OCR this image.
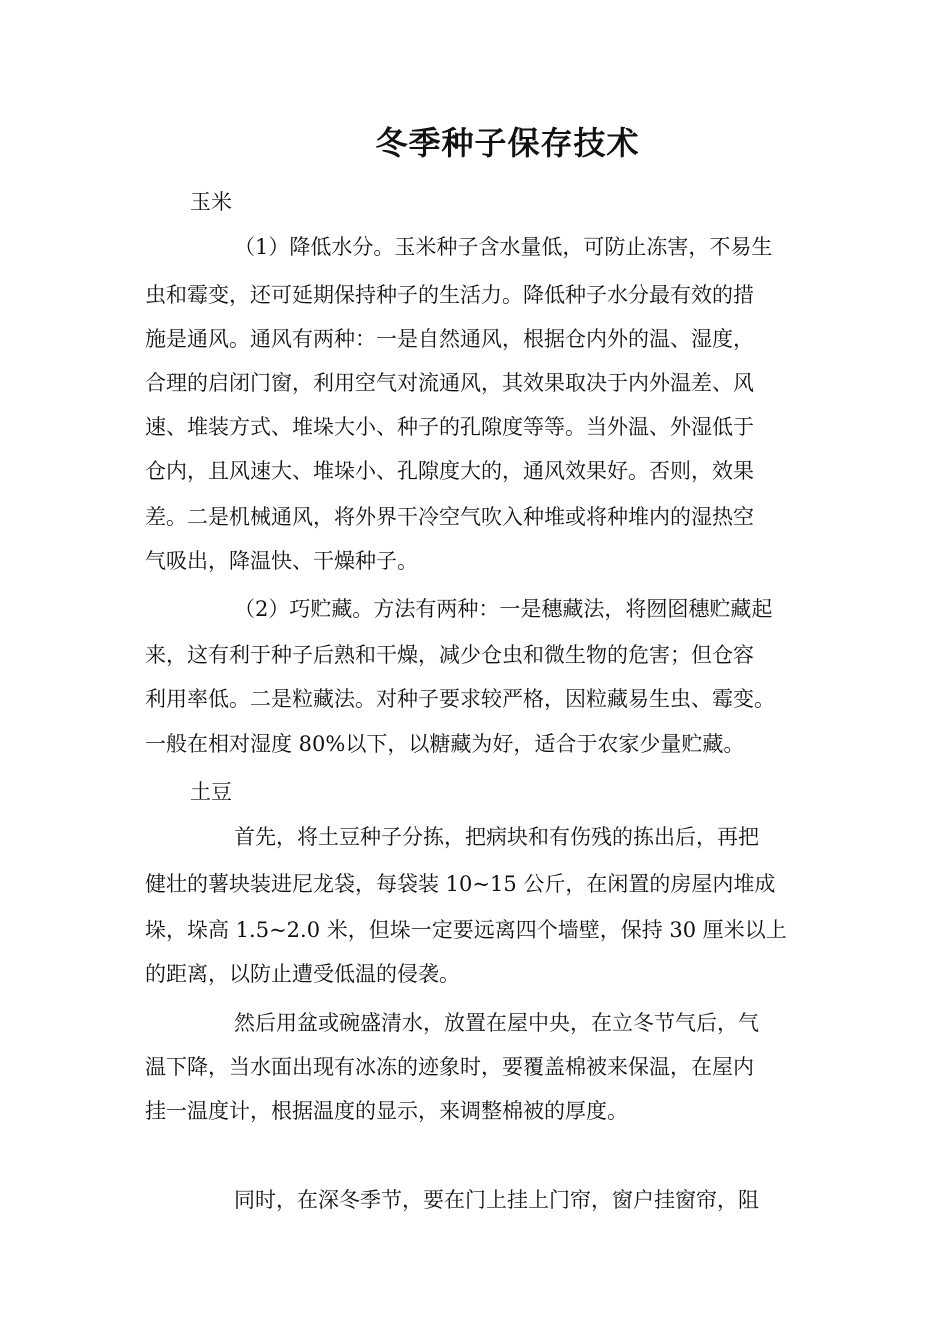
冬季种子保存技术
玉米
（1）降低水分。玉米种子含水量低，可防止冻害，不易生
虫和霉变，还可延期保持种子的生活力。降低种子水分最有效的措
施是通风。通风有两种：一是自然通风，根据仓内外的温、湿度，
合理的启闭门窗，利用空气对流通风，其效果取决于内外温差、风
速、堆装方式、堆垛大小、种子的孔隙度等等。当外温、外湿低于
仓内，且风速大、堆垛小、孔隙度大的，通风效果好。否则，效果
差。二是机械通风，将外界干冷空气吹入种堆或将种堆内的湿热空
气吸出，降温快、干燥种子。
（2）巧贮藏。方法有两种：一是穗藏法，将囫囵穗贮藏起
来，这有利于种子后熟和干燥，减少仓虫和微生物的危害；但仓容
利用率低。二是粒藏法。对种子要求较严格，因粒藏易生虫、霉变。
一般在相对湿度 80%以下，以糖藏为好，适合于农家少量贮藏。
土豆
首先，将土豆种子分拣，把病块和有伤残的拣出后，再把
健壮的薯块装进尼龙袋，每袋装 10~15 公斤，在闲置的房屋内堆成
垛，垛高 1.5~2.0 米，但垛一定要远离四个墙壁，保持 30 厘米以上
的距离，以防止遭受低温的侵袭。
然后用盆或碗盛清水，放置在屋中央，在立冬节气后，气
温下降，当水面出现有冰冻的迹象时，要覆盖棉被来保温，在屋内
挂一温度计，根据温度的显示，来调整棉被的厚度。
同时，在深冬季节，要在门上挂上门帘，窗户挂窗帘，阻
